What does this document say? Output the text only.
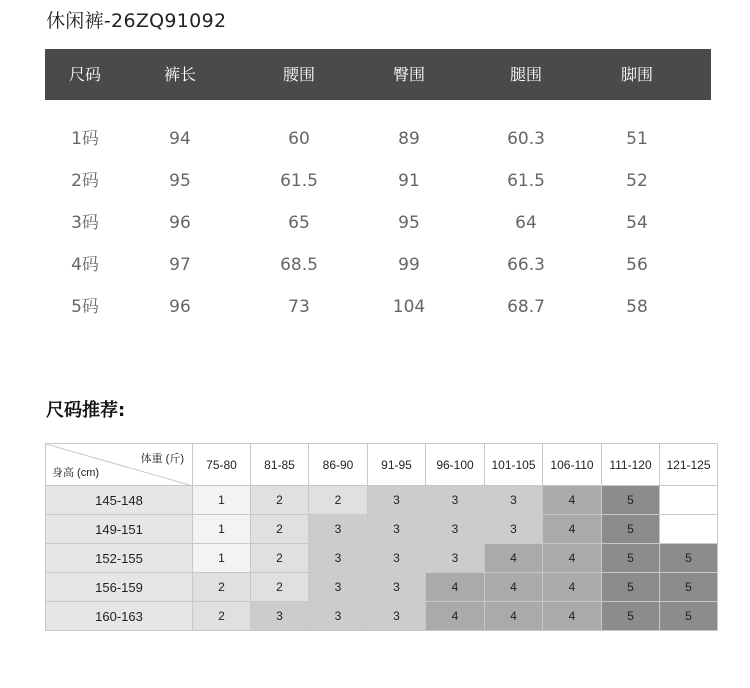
休闲裤-26ZQ91092
尺码	裤长	腰围	臀围	腿围	脚围
1码	94	60	89	60.3	51
2码	95	61.5	91	61.5	52
3码	96	65	95	64	54
4码	97	68.5	99	66.3	56
5码	96	73	104	68.7	58
尺码推荐:
体重 (斤)
身高 (cm)	75-80	81-85	86-90	91-95	96-100	101-105	106-110	111-120	121-125
145-148	1	2	2	3	3	3	4	5	
149-151	1	2	3	3	3	3	4	5	
152-155	1	2	3	3	3	4	4	5	5
156-159	2	2	3	3	4	4	4	5	5
160-163	2	3	3	3	4	4	4	5	5
